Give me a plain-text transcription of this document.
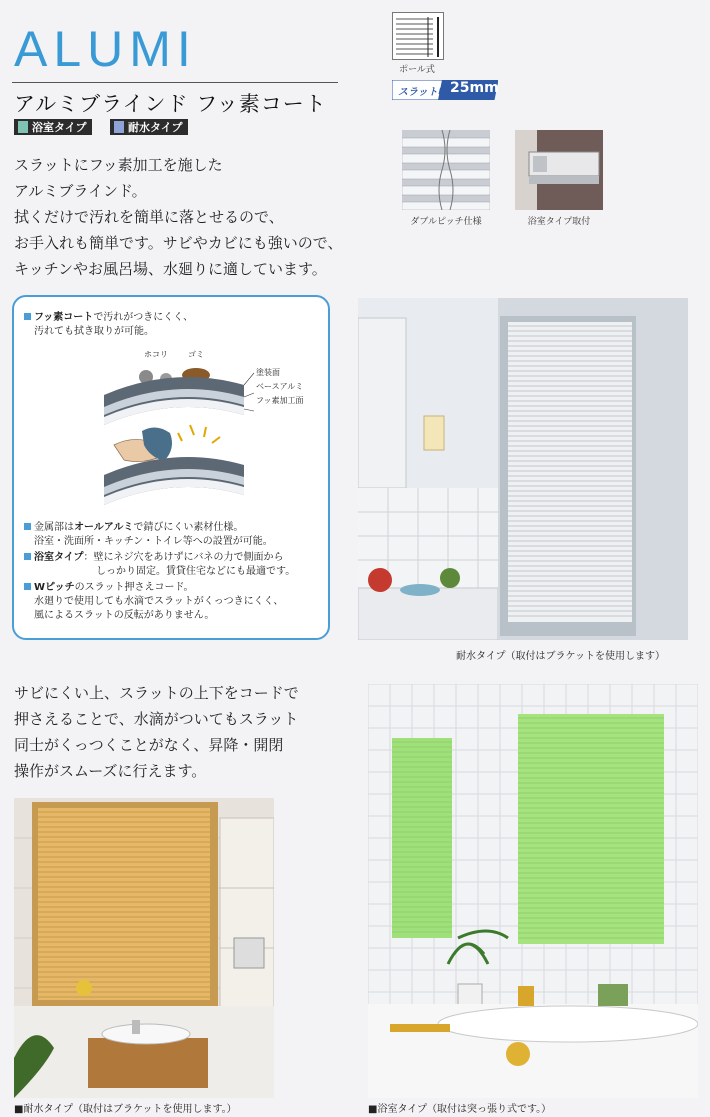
ALUMI
アルミブラインド フッ素コート
浴室タイプ	耐水タイプ
スラットにフッ素加工を施した
アルミブラインド。
拭くだけで汚れを簡単に落とせるので、
お手入れも簡単です。サビやカビにも強いので、
キッチンやお風呂場、水廻りに適しています。
ポール式
スラット幅 25mm
ダブルピッチ仕様	浴室タイプ取付
フッ素コートで汚れがつきにくく、
汚れても拭き取りが可能。
ホコリ	ゴミ
塗装面
ベースアルミ
フッ素加工面
金属部はオールアルミで錆びにくい素材仕様。
浴室・洗面所・キッチン・トイレ等への設置が可能。
浴室タイプ：壁にネジ穴をあけずにバネの力で側面から
しっかり固定。賃貸住宅などにも最適です。
Wピッチのスラット押さえコード。
水廻りで使用しても水滴でスラットがくっつきにくく、
風によるスラットの反転がありません。
耐水タイプ（取付はブラケットを使用します）
サビにくい上、スラットの上下をコードで
押さえることで、水滴がついてもスラット
同士がくっつくことがなく、昇降・開閉
操作がスムーズに行えます。
■耐水タイプ（取付はブラケットを使用します。）	■浴室タイプ（取付は突っ張り式です。）
